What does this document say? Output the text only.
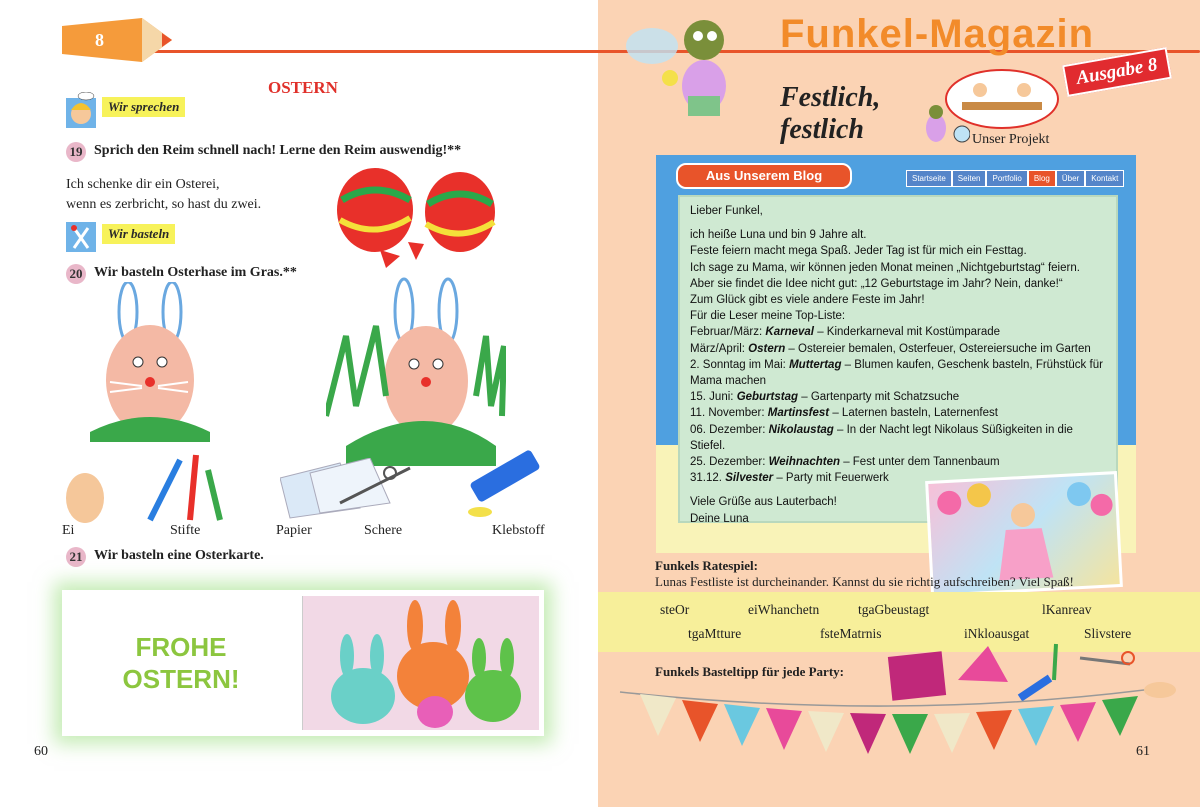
8
OSTERN
Wir sprechen
19 Sprich den Reim schnell nach! Lerne den Reim auswendig!**
Ich schenke dir ein Osterei,
wenn es zerbricht, so hast du zwei.
Wir basteln
20 Wir basteln Osterhase im Gras.**
Ei	Stifte	Papier	Schere	Klebstoff
21 Wir basteln eine Osterkarte.
FROHE
OSTERN!
60
Funkel-Magazin
Ausgabe 8
Festlich,
festlich	Unser Projekt
Aus Unserem Blog	Startseite	Seiten	Portfolio	Blog	Über	Kontakt

Lieber Funkel,

ich heiße Luna und bin 9 Jahre alt.

Feste feiern macht mega Spaß. Jeder Tag ist für mich ein Festtag.

Ich sage zu Mama, wir können jeden Monat meinen „Nichtgeburtstag“ feiern.

Aber sie findet die Idee nicht gut: „12 Geburtstage im Jahr? Nein, danke!“

Zum Glück gibt es viele andere Feste im Jahr!

Für die Leser meine Top-Liste:

Februar/März: Karneval – Kinderkarneval mit Kostümparade

März/April: Ostern – Ostereier bemalen, Osterfeuer, Ostereiersuche im Garten

2. Sonntag im Mai: Muttertag – Blumen kaufen, Geschenk basteln, Frühstück für Mama machen

15. Juni: Geburtstag – Gartenparty mit Schatzsuche

11. November: Martinsfest – Laternen basteln, Laternenfest

06. Dezember: Nikolaustag – In der Nacht legt Nikolaus Süßigkeiten in die Stiefel.

25. Dezember: Weihnachten – Fest unter dem Tannenbaum

31.12. Silvester – Party mit Feuerwerk

Viele Grüße aus Lauterbach!

Deine Luna

Funkels Ratespiel:
Lunas Festliste ist durcheinander. Kannst du sie richtig aufschreiben? Viel Spaß!
steOr	eiWhanchetn	tgaGbeustagt	lKanreav
tgaMtture	fsteMatrnis	iNkloausgat	Slivstere
Funkels Basteltipp für jede Party:
61
